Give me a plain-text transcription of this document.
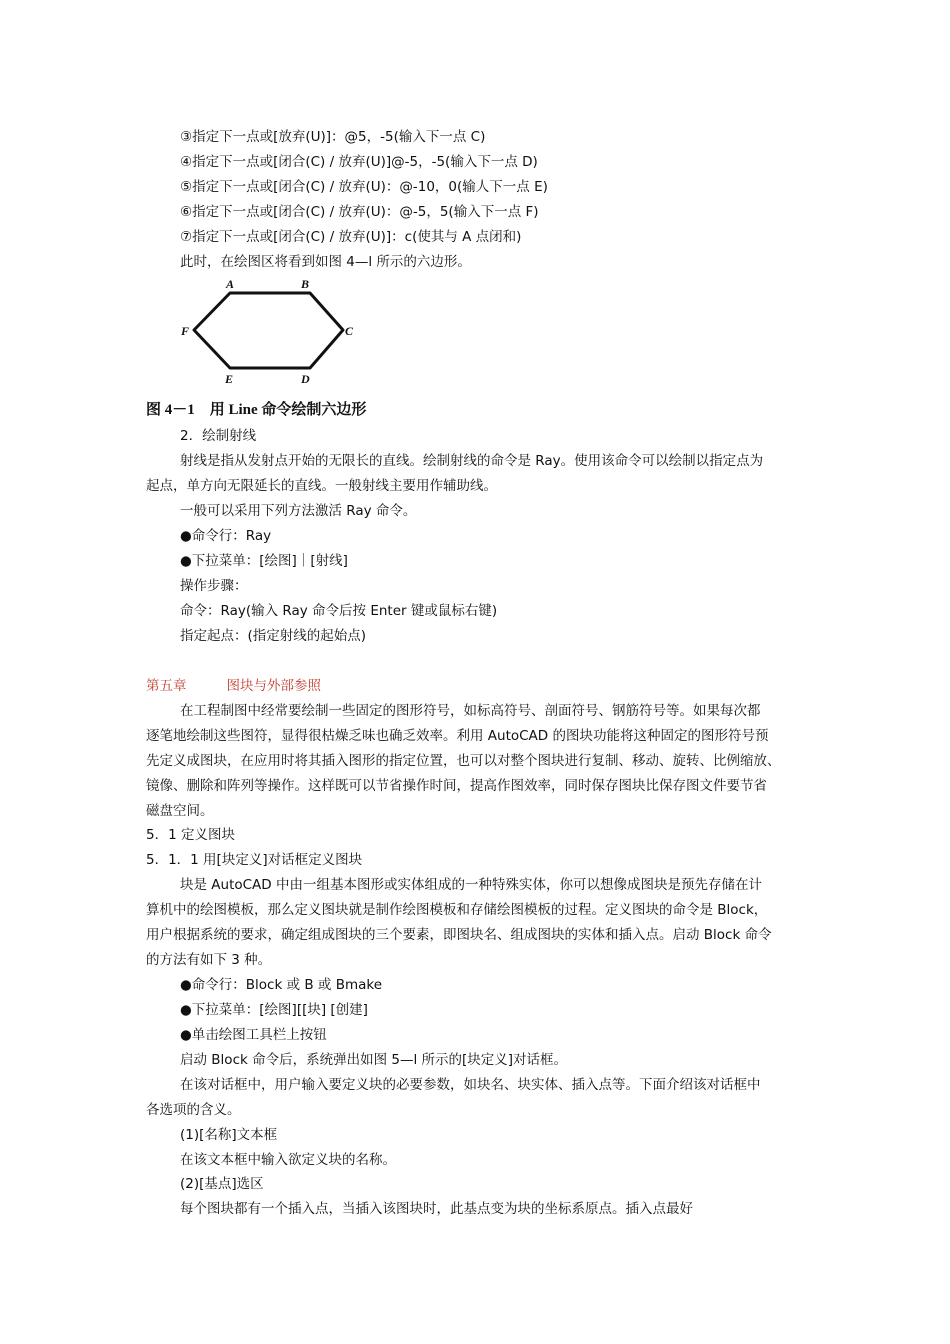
③指定下一点或[放弃(U)]：@5，-5(输入下一点 C)
④指定下一点或[闭合(C) / 放弃(U)]@-5，-5(输入下一点 D)
⑤指定下一点或[闭合(C) / 放弃(U)：@-10，0(输人下一点 E)
⑥指定下一点或[闭合(C) / 放弃(U)：@-5，5(输入下一点 F)
⑦指定下一点或[闭合(C) / 放弃(U)]：c(使其与 A 点闭和)
此时，在绘图区将看到如图 4—l 所示的六边形。
A	B
C
D
E
F
图 4－1　用 Line 命令绘制六边形
2．绘制射线
射线是指从发射点开始的无限长的直线。绘制射线的命令是 Ray。使用该命令可以绘制以指定点为
起点，单方向无限延长的直线。一般射线主要用作辅助线。
一般可以采用下列方法激活 Ray 命令。
●命令行：Ray
●下拉菜单：[绘图]｜[射线]
操作步骤：
命令：Ray(输入 Ray 命令后按 Enter 键或鼠标右键)
指定起点：(指定射线的起始点)
第五章	图块与外部参照
在工程制图中经常要绘制一些固定的图形符号，如标高符号、剖面符号、钢筋符号等。如果每次都
逐笔地绘制这些图符，显得很枯燥乏味也确乏效率。利用 AutoCAD 的图块功能将这种固定的图形符号预
先定义成图块，在应用时将其插入图形的指定位置，也可以对整个图块进行复制、移动、旋转、比例缩放、
镜像、删除和阵列等操作。这样既可以节省操作时间，提高作图效率，同时保存图块比保存图文件要节省
磁盘空间。
5．1 定义图块
5．1．1 用[块定义]对话框定义图块
块是 AutoCAD 中由一组基本图形或实体组成的一种特殊实体，你可以想像成图块是预先存储在计
算机中的绘图模板，那么定义图块就是制作绘图模板和存储绘图模板的过程。定义图块的命令是 Block，
用户根据系统的要求，确定组成图块的三个要素，即图块名、组成图块的实体和插入点。启动 Block 命令
的方法有如下 3 种。
●命令行：Block 或 B 或 Bmake
●下拉菜单：[绘图][[块] [创建]
●单击绘图工具栏上按钮
启动 Block 命令后，系统弹出如图 5—l 所示的[块定义]对话框。
在该对话框中，用户输入要定义块的必要参数，如块名、块实体、插入点等。下面介绍该对话框中
各选项的含义。
(1)[名称]文本框
在该文本框中输入欲定义块的名称。
(2)[基点]选区
每个图块都有一个插入点，当插入该图块时，此基点变为块的坐标系原点。插入点最好
